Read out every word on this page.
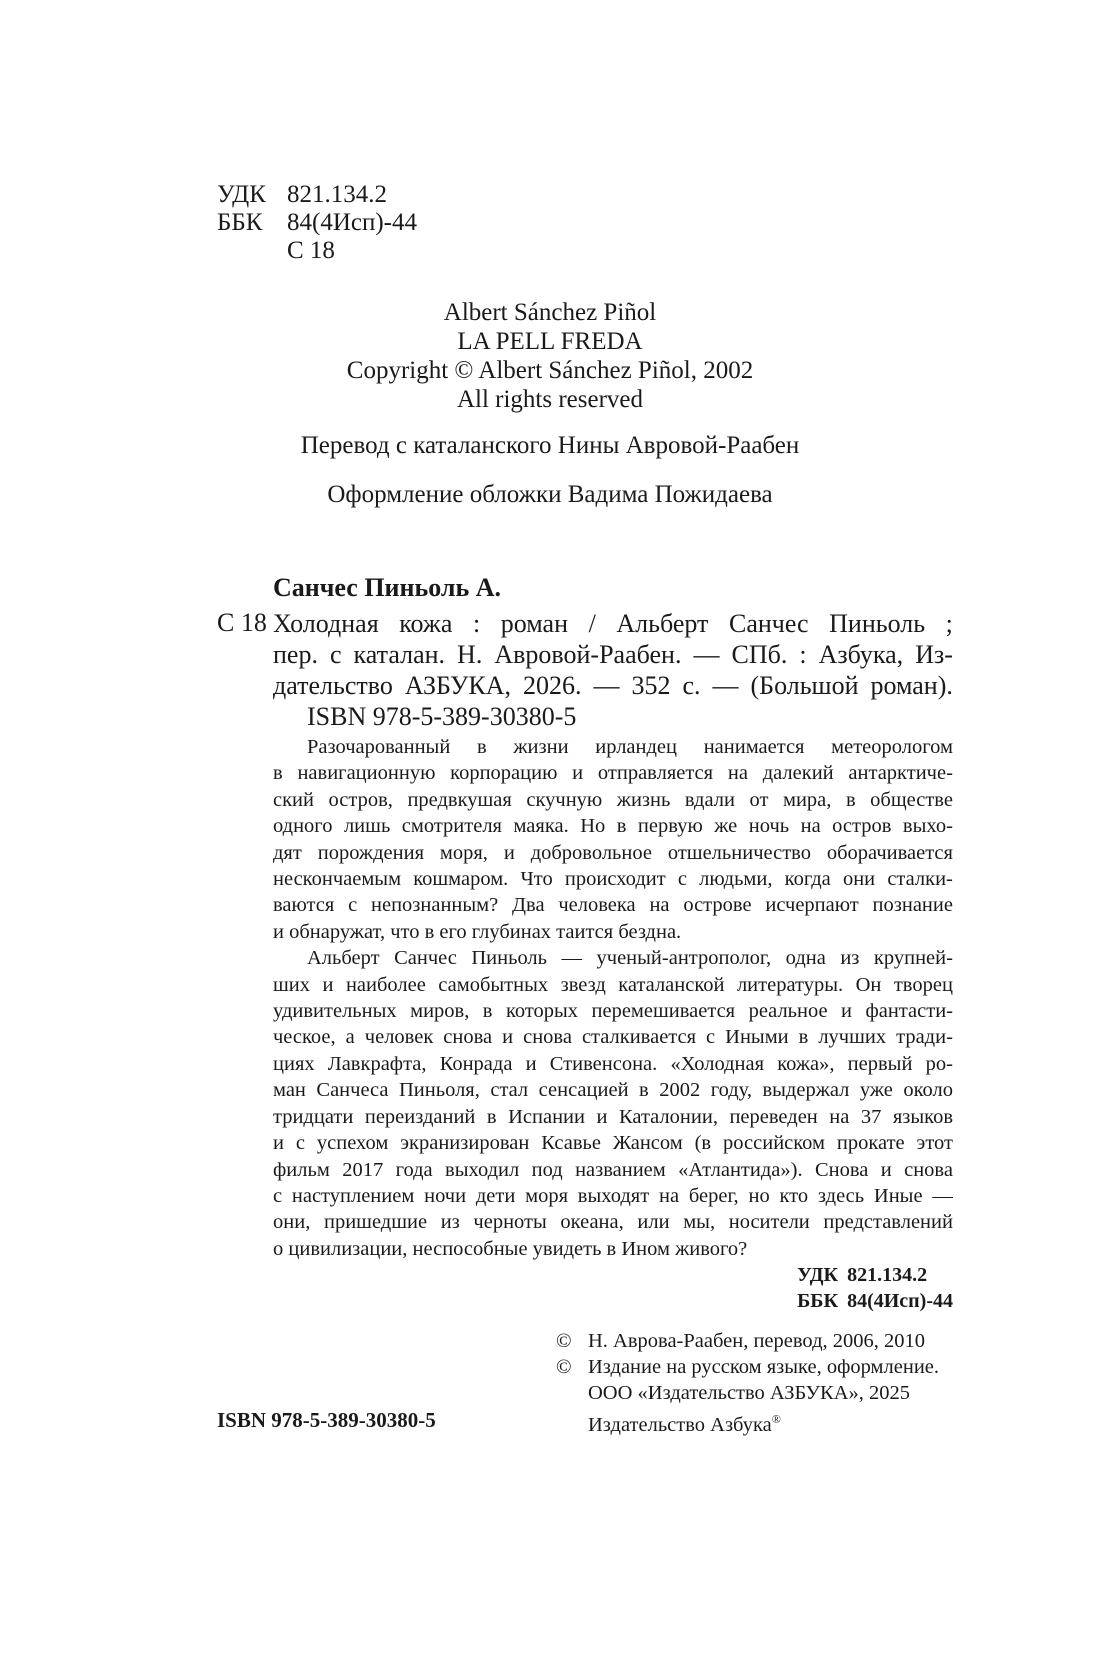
УДК 821.134.2
ББК 84(4Исп)-44
С 18
Albert Sánchez Piñol
LA PELL FREDA
Copyright © Albert Sánchez Piñol, 2002
All rights reserved
Перевод с каталанского Нины Авровой-Раабен
Оформление обложки Вадима Пожидаева
Санчес Пиньоль А.
С 18 Холодная кожа : роман / Альберт Санчес Пиньоль ;
пер. с каталан. Н. Авровой-Раабен. — СПб. : Азбука, Из-
дательство АЗБУКА, 2026. — 352 с. — (Большой роман).
ISBN 978-5-389-30380-5
Разочарованный в жизни ирландец нанимается метеорологом
в навигационную корпорацию и отправляется на далекий антарктиче-
ский остров, предвкушая скучную жизнь вдали от мира, в обществе
одного лишь смотрителя маяка. Но в первую же ночь на остров выхо-
дят порождения моря, и добровольное отшельничество оборачивается
нескончаемым кошмаром. Что происходит с людьми, когда они сталки-
ваются с непознанным? Два человека на острове исчерпают познание
и обнаружат, что в его глубинах таится бездна.
Альберт Санчес Пиньоль — ученый-антрополог, одна из крупней-
ших и наиболее самобытных звезд каталанской литературы. Он творец
удивительных миров, в которых перемешивается реальное и фантасти-
ческое, а человек снова и снова сталкивается с Иными в лучших тради-
циях Лавкрафта, Конрада и Стивенсона. «Холодная кожа», первый ро-
ман Санчеса Пиньоля, стал сенсацией в 2002 году, выдержал уже около
тридцати переизданий в Испании и Каталонии, переведен на 37 языков
и с успехом экранизирован Ксавье Жансом (в российском прокате этот
фильм 2017 года выходил под названием «Атлантида»). Снова и снова
с наступлением ночи дети моря выходят на берег, но кто здесь Иные —
они, пришедшие из черноты океана, или мы, носители представлений
о цивилизации, неспособные увидеть в Ином живого?
УДК 821.134.2
ББК 84(4Исп)-44
© Н. Аврова-Раабен, перевод, 2006, 2010
© Издание на русском языке, оформление.
ООО «Издательство АЗБУКА», 2025
Издательство Азбука®
ISBN 978-5-389-30380-5
